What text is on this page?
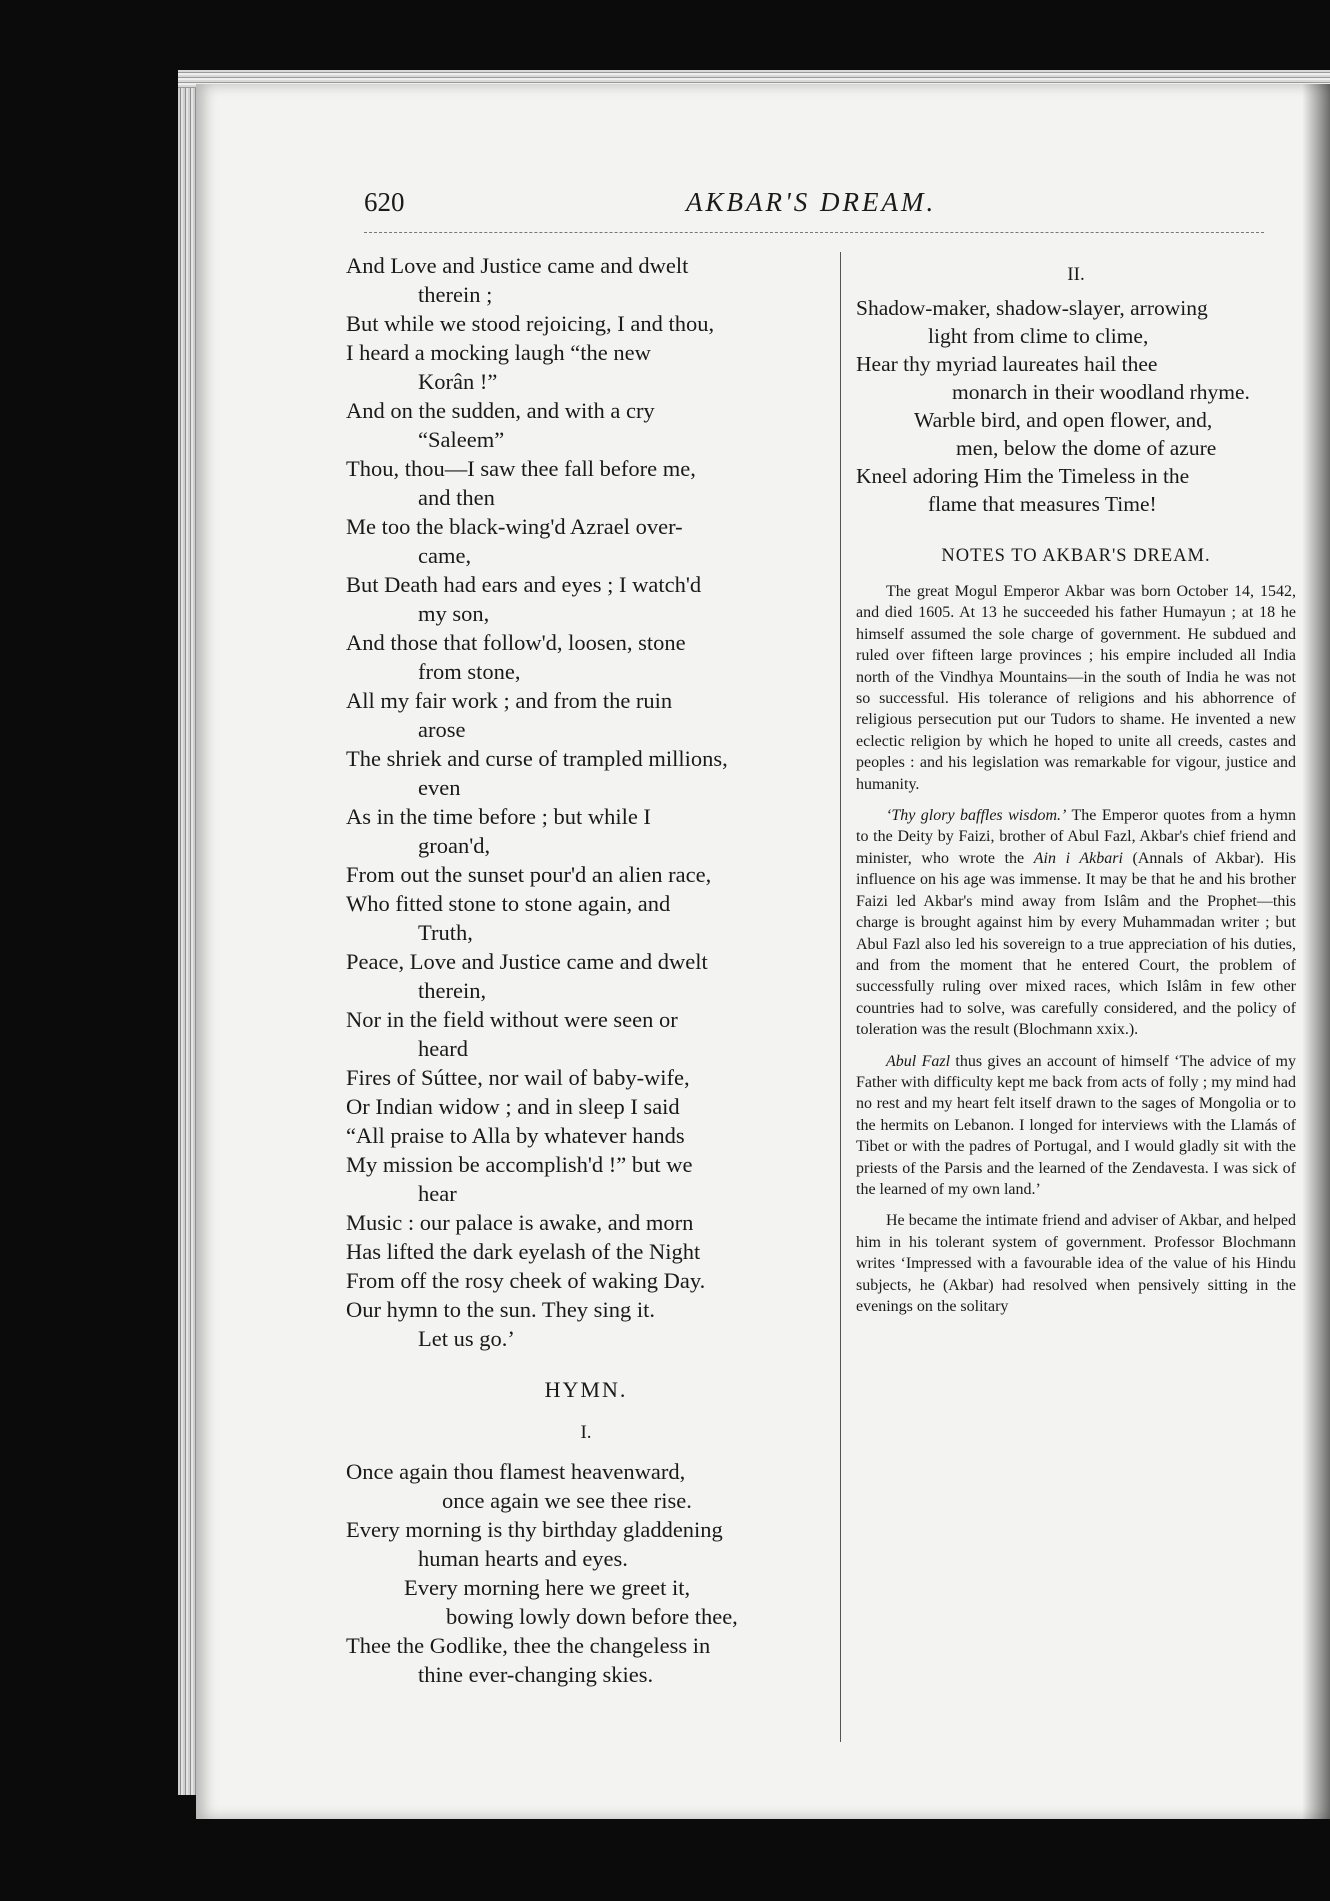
620	AKBAR'S DREAM.
And Love and Justice came and dwelt
therein ;
But while we stood rejoicing, I and thou,
I heard a mocking laugh “the new
Korân !”
And on the sudden, and with a cry
“Saleem”
Thou, thou—I saw thee fall before me,
and then
Me too the black-wing'd Azrael over-
came,
But Death had ears and eyes ; I watch'd
my son,
And those that follow'd, loosen, stone
from stone,
All my fair work ; and from the ruin
arose
The shriek and curse of trampled millions,
even
As in the time before ; but while I
groan'd,
From out the sunset pour'd an alien race,
Who fitted stone to stone again, and
Truth,
Peace, Love and Justice came and dwelt
therein,
Nor in the field without were seen or
heard
Fires of Súttee, nor wail of baby-wife,
Or Indian widow ; and in sleep I said
“All praise to Alla by whatever hands
My mission be accomplish'd !” but we
hear
Music : our palace is awake, and morn
Has lifted the dark eyelash of the Night
From off the rosy cheek of waking Day.
Our hymn to the sun. They sing it.
Let us go.’
HYMN.
I.
Once again thou flamest heavenward,
once again we see thee rise.
Every morning is thy birthday gladdening
human hearts and eyes.
Every morning here we greet it,
bowing lowly down before thee,
Thee the Godlike, thee the changeless in
thine ever-changing skies.
II.
Shadow-maker, shadow-slayer, arrowing
light from clime to clime,
Hear thy myriad laureates hail thee
monarch in their woodland rhyme.
Warble bird, and open flower, and,
men, below the dome of azure
Kneel adoring Him the Timeless in the
flame that measures Time!
NOTES TO AKBAR'S DREAM.

The great Mogul Emperor Akbar was born October 14, 1542, and died 1605. At 13 he succeeded his father Humayun ; at 18 he himself assumed the sole charge of government. He subdued and ruled over fifteen large provinces ; his empire included all India north of the Vindhya Mountains—in the south of India he was not so successful. His tolerance of religions and his abhorrence of religious persecution put our Tudors to shame. He invented a new eclectic religion by which he hoped to unite all creeds, castes and peoples : and his legislation was remarkable for vigour, justice and humanity.

‘Thy glory baffles wisdom.’ The Emperor quotes from a hymn to the Deity by Faizi, brother of Abul Fazl, Akbar's chief friend and minister, who wrote the Ain i Akbari (Annals of Akbar). His influence on his age was immense. It may be that he and his brother Faizi led Akbar's mind away from Islâm and the Prophet—this charge is brought against him by every Muhammadan writer ; but Abul Fazl also led his sovereign to a true appreciation of his duties, and from the moment that he entered Court, the problem of successfully ruling over mixed races, which Islâm in few other countries had to solve, was carefully considered, and the policy of toleration was the result (Blochmann xxix.).

Abul Fazl thus gives an account of himself ‘The advice of my Father with difficulty kept me back from acts of folly ; my mind had no rest and my heart felt itself drawn to the sages of Mongolia or to the hermits on Lebanon. I longed for interviews with the Llamás of Tibet or with the padres of Portugal, and I would gladly sit with the priests of the Parsis and the learned of the Zendavesta. I was sick of the learned of my own land.’

He became the intimate friend and adviser of Akbar, and helped him in his tolerant system of government. Professor Blochmann writes ‘Impressed with a favourable idea of the value of his Hindu subjects, he (Akbar) had resolved when pensively sitting in the evenings on the solitary
